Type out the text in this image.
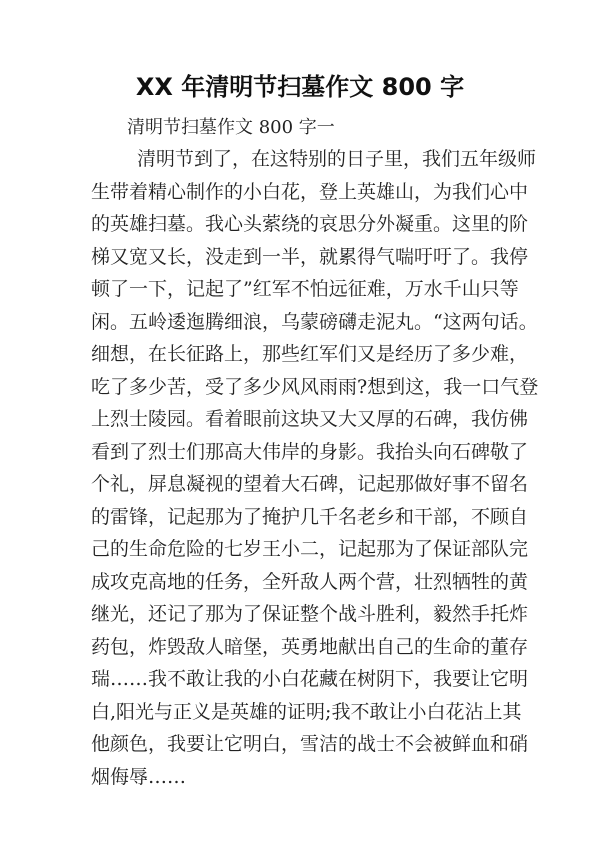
XX 年清明节扫墓作文 800 字
清明节扫墓作文 800 字一
清明节到了，在这特别的日子里，我们五年级师
生带着精心制作的小白花，登上英雄山，为我们心中
的英雄扫墓。我心头萦绕的哀思分外凝重。这里的阶
梯又宽又长，没走到一半，就累得气喘吁吁了。我停
顿了一下，记起了”红军不怕远征难，万水千山只等
闲。五岭逶迤腾细浪，乌蒙磅礴走泥丸。“这两句话。
细想，在长征路上，那些红军们又是经历了多少难，
吃了多少苦，受了多少风风雨雨?想到这，我一口气登
上烈士陵园。看着眼前这块又大又厚的石碑，我仿佛
看到了烈士们那高大伟岸的身影。我抬头向石碑敬了
个礼，屏息凝视的望着大石碑，记起那做好事不留名
的雷锋，记起那为了掩护几千名老乡和干部，不顾自
己的生命危险的七岁王小二，记起那为了保证部队完
成攻克高地的任务，全歼敌人两个营，壮烈牺牲的黄
继光，还记了那为了保证整个战斗胜利，毅然手托炸
药包，炸毁敌人暗堡，英勇地献出自己的生命的董存
瑞……我不敢让我的小白花藏在树阴下，我要让它明
白,阳光与正义是英雄的证明;我不敢让小白花沾上其
他颜色，我要让它明白，雪洁的战士不会被鲜血和硝
烟侮辱……
